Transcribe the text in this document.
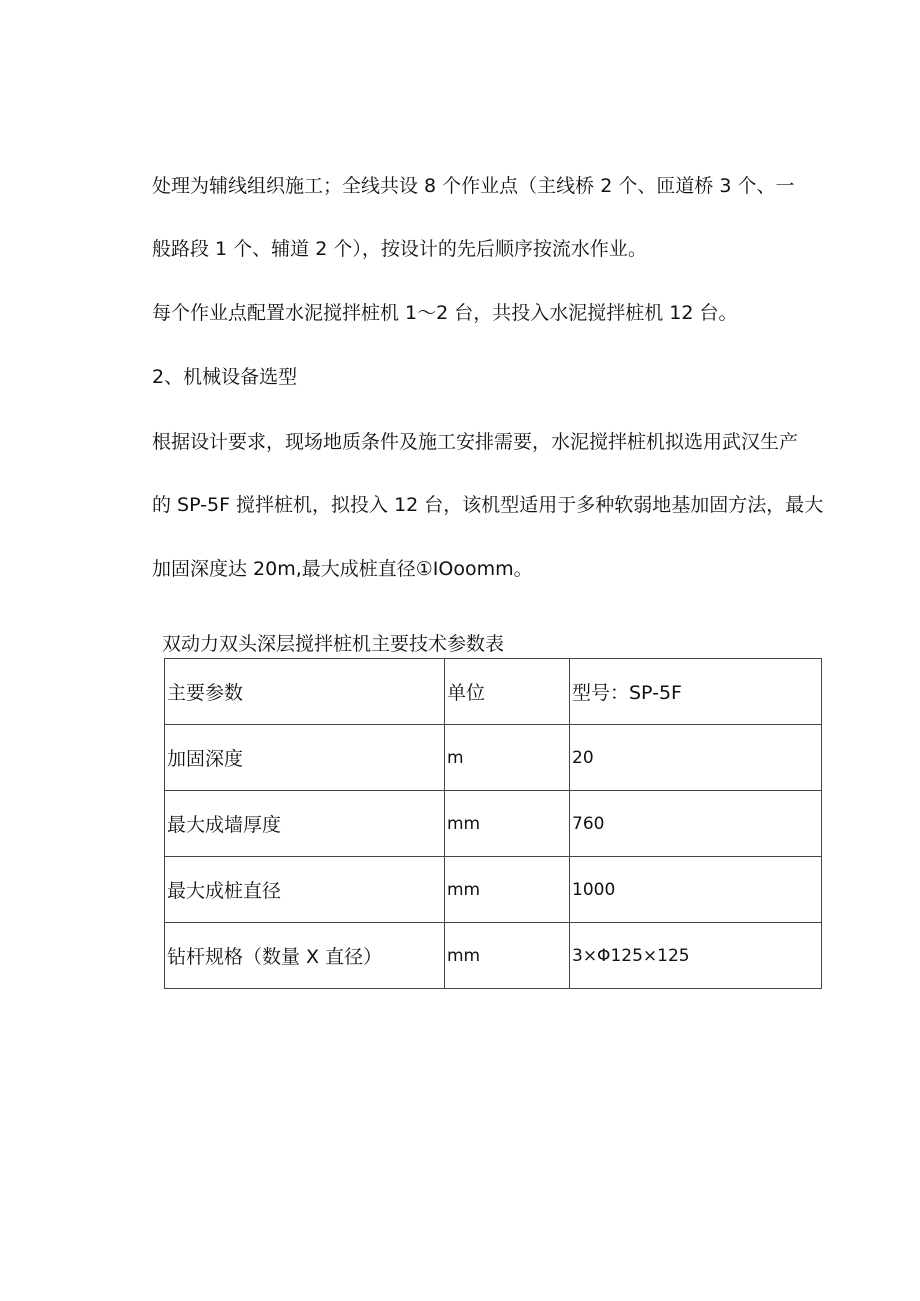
处理为辅线组织施工；全线共设 8 个作业点（主线桥 2 个、匝道桥 3 个、一

般路段 1 个、辅道 2 个），按设计的先后顺序按流水作业。

每个作业点配置水泥搅拌桩机 1〜2 台，共投入水泥搅拌桩机 12 台。

2、机械设备选型

根据设计要求，现场地质条件及施工安排需要，水泥搅拌桩机拟选用武汉生产

的 SP-5F 搅拌桩机，拟投入 12 台，该机型适用于多种软弱地基加固方法，最大

加固深度达 20m,最大成桩直径①IOoomm。

双动力双头深层搅拌桩机主要技术参数表

主要参数	单位	型号：SP-5F
加固深度	m	20
最大成墙厚度	mm	760
最大成桩直径	mm	1000
钻杆规格（数量 X 直径）	mm	3×Φ125×125
